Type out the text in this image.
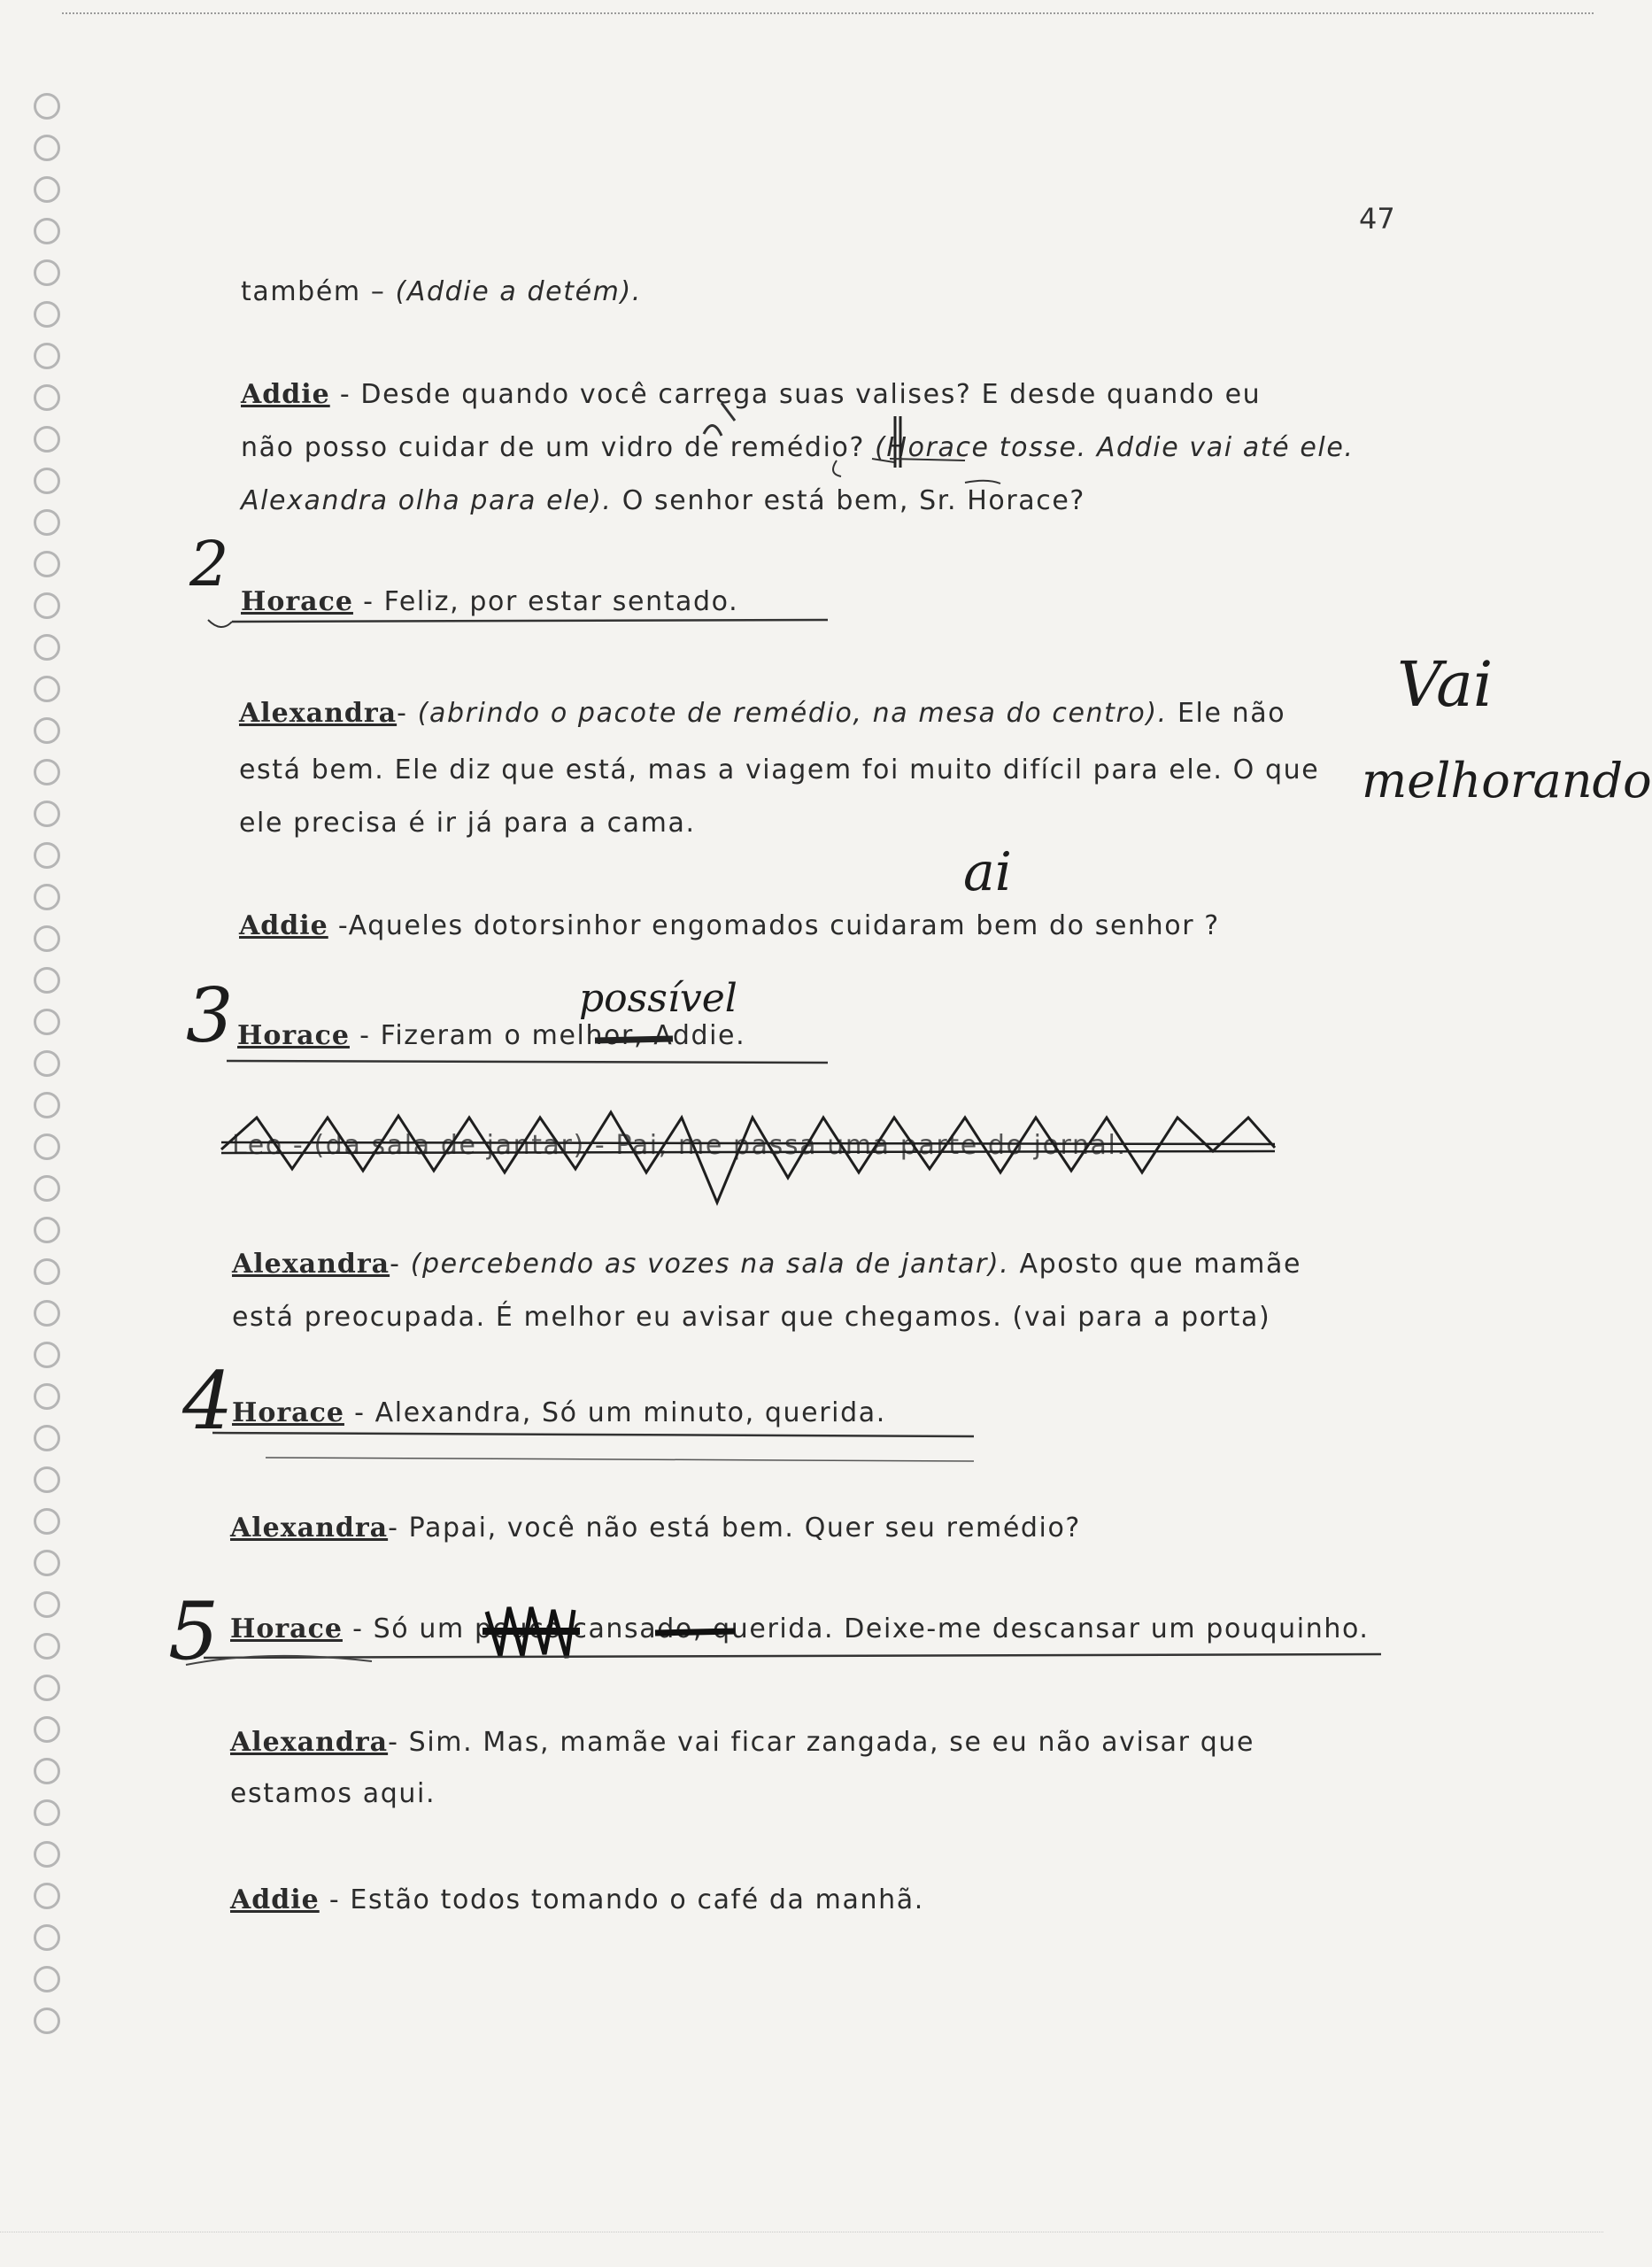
47
também – (Addie a detém).
Addie - Desde quando você carrega suas valises? E desde quando eu
não posso cuidar de um vidro de remédio? (Horace tosse. Addie vai até ele.
Alexandra olha para ele). O senhor está bem, Sr. Horace?
Horace - Feliz, por estar sentado.
Alexandra- (abrindo o pacote de remédio, na mesa do centro). Ele não
está bem. Ele diz que está, mas a viagem foi muito difícil para ele. O que
ele precisa é ir já para a cama.
Addie -Aqueles dotorsinhor engomados cuidaram bem do senhor ?
Horace - Fizeram o melhor, Addie.
Leo - (da sala de jantar) - Pai, me passa uma parte do jornal.
Alexandra- (percebendo as vozes na sala de jantar). Aposto que mamãe
está preocupada. É melhor eu avisar que chegamos. (vai para a porta)
Horace - Alexandra, Só um minuto, querida.
Alexandra- Papai, você não está bem. Quer seu remédio?
Horace - Só um pouco cansado, querida. Deixe-me descansar um pouquinho.
Alexandra- Sim. Mas, mamãe vai ficar zangada, se eu não avisar que
estamos aqui.
Addie - Estão todos tomando o café da manhã.
2
3
4
5
possível
Vai
melhorando
ai
